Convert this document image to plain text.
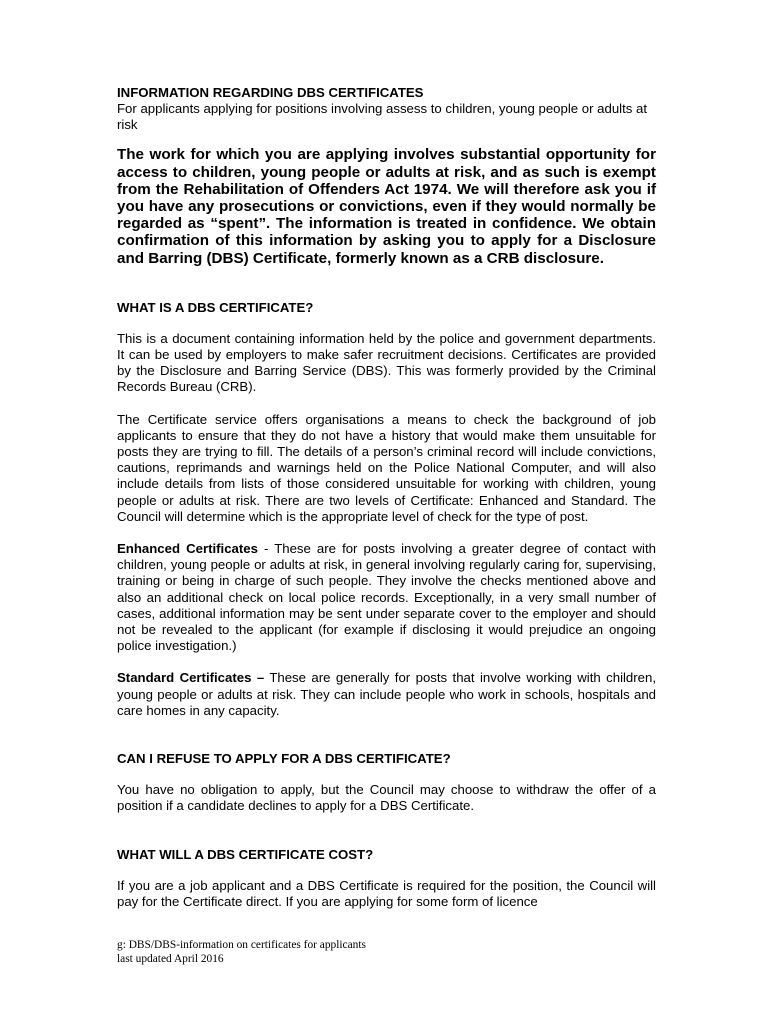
INFORMATION REGARDING DBS CERTIFICATES

For applicants applying for positions involving assess to children, young people or adults at risk

The work for which you are applying involves substantial opportunity for access to children, young people or adults at risk, and as such is exempt from the Rehabilitation of Offenders Act 1974. We will therefore ask you if you have any prosecutions or convictions, even if they would normally be regarded as “spent”. The information is treated in confidence. We obtain confirmation of this information by asking you to apply for a Disclosure and Barring (DBS) Certificate, formerly known as a CRB disclosure.

WHAT IS A DBS CERTIFICATE?

This is a document containing information held by the police and government departments. It can be used by employers to make safer recruitment decisions. Certificates are provided by the Disclosure and Barring Service (DBS). This was formerly provided by the Criminal Records Bureau (CRB).

The Certificate service offers organisations a means to check the background of job applicants to ensure that they do not have a history that would make them unsuitable for posts they are trying to fill. The details of a person’s criminal record will include convictions, cautions, reprimands and warnings held on the Police National Computer, and will also include details from lists of those considered unsuitable for working with children, young people or adults at risk. There are two levels of Certificate: Enhanced and Standard. The Council will determine which is the appropriate level of check for the type of post.

Enhanced Certificates - These are for posts involving a greater degree of contact with children, young people or adults at risk, in general involving regularly caring for, supervising, training or being in charge of such people. They involve the checks mentioned above and also an additional check on local police records. Exceptionally, in a very small number of cases, additional information may be sent under separate cover to the employer and should not be revealed to the applicant (for example if disclosing it would prejudice an ongoing police investigation.)

Standard Certificates – These are generally for posts that involve working with children, young people or adults at risk. They can include people who work in schools, hospitals and care homes in any capacity.

CAN I REFUSE TO APPLY FOR A DBS CERTIFICATE?

You have no obligation to apply, but the Council may choose to withdraw the offer of a position if a candidate declines to apply for a DBS Certificate.

WHAT WILL A DBS CERTIFICATE COST?

If you are a job applicant and a DBS Certificate is required for the position, the Council will pay for the Certificate direct. If you are applying for some form of licence

g: DBS/DBS-information on certificates for applicants
last updated April 2016
